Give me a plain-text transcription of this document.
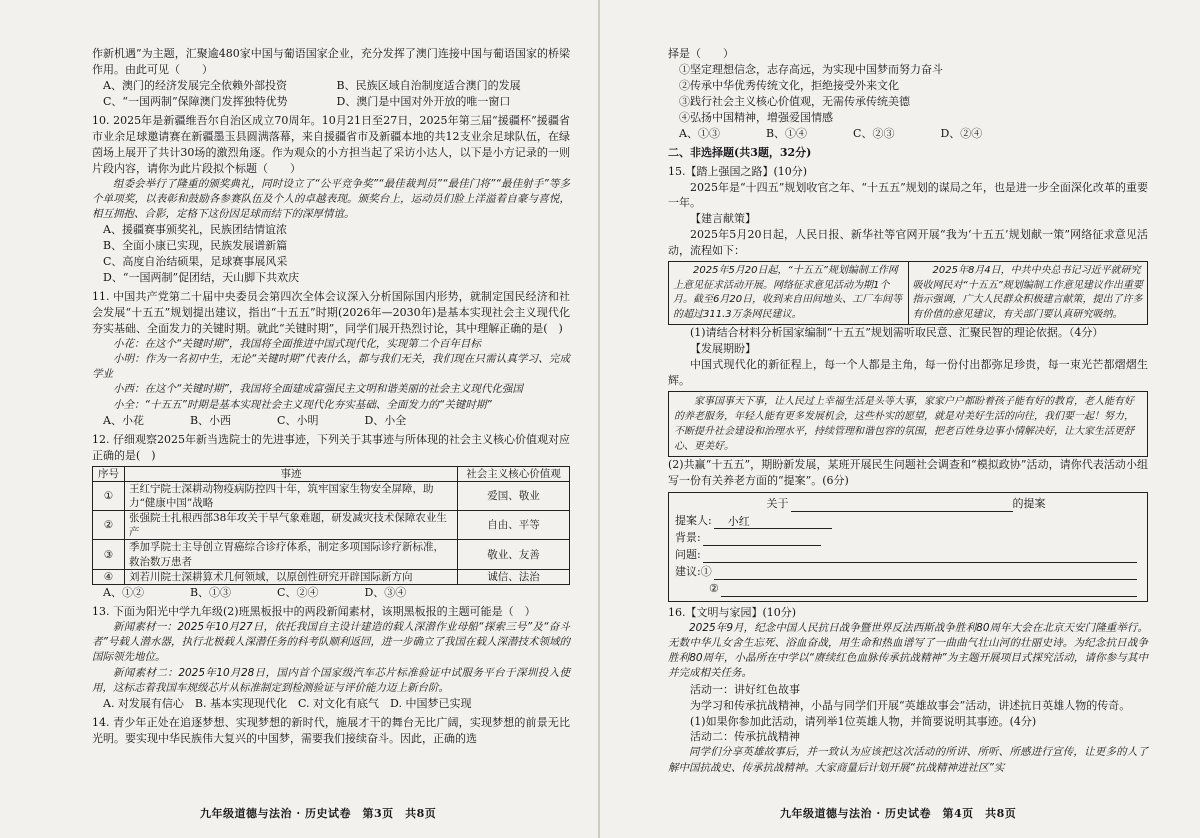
作新机遇”为主题，汇聚逾480家中国与葡语国家企业，充分发挥了澳门连接中国与葡语国家的桥梁作用。由此可见（　　）

A、澳门的经济发展完全依赖外部投资	B、民族区域自治制度适合澳门的发展
C、“一国两制”保障澳门发挥独特优势	D、澳门是中国对外开放的唯一窗口

10. 2025年是新疆维吾尔自治区成立70周年。10月21日至27日，2025年第三届“援疆杯”援疆省市业余足球邀请赛在新疆墨玉县圆满落幕，来自援疆省市及新疆本地的共12支业余足球队伍，在绿茵场上展开了共计30场的激烈角逐。作为观众的小方担当起了采访小达人，以下是小方记录的一则片段内容，请你为此片段拟个标题（　　）

组委会举行了隆重的颁奖典礼，同时设立了“公平竞争奖”“最佳裁判员”“最佳门将”“最佳射手”等多个单项奖，以表彰和鼓励各参赛队伍及个人的卓越表现。颁奖台上，运动员们脸上洋溢着自豪与喜悦，相互拥抱、合影，定格下这份因足球而结下的深厚情谊。

A、援疆赛事颁奖礼，民族团结情谊浓

B、全面小康已实现，民族发展谱新篇

C、高度自治结硕果，足球赛事展风采

D、“一国两制”促团结，天山脚下共欢庆

11. 中国共产党第二十届中央委员会第四次全体会议深入分析国际国内形势，就制定国民经济和社会发展“十五五”规划提出建议，指出“十五五”时期(2026年—2030年)是基本实现社会主义现代化夯实基础、全面发力的关键时期。就此“关键时期”，同学们展开热烈讨论，其中理解正确的是(　)

小花：在这个“关键时期”，我国将全面推进中国式现代化，实现第二个百年目标

小明：作为一名初中生，无论“关键时期”代表什么，都与我们无关，我们现在只需认真学习、完成学业

小西：在这个“关键时期”，我国将全面建成富强民主文明和谐美丽的社会主义现代化强国

小全：“十五五”时期是基本实现社会主义现代化夯实基础、全面发力的“关键时期”

A、小花	B、小西	C、小明	D、小全

12. 仔细观察2025年新当选院士的先进事迹，下列关于其事迹与所体现的社会主义核心价值观对应正确的是(　)

序号	事迹	社会主义核心价值观
①	王红宁院士深耕动物疫病防控四十年，筑牢国家生物安全屏障，助力“健康中国”战略	爱国、敬业
②	张强院士扎根西部38年攻关干旱气象难题，研发减灾技术保障农业生产	自由、平等
③	季加孚院士主导创立胃癌综合诊疗体系，制定多项国际诊疗新标准，救治数万患者	敬业、友善
④	刘若川院士深耕算术几何领域，以原创性研究开辟国际新方向	诚信、法治
A、①②	B、①③	C、②④	D、③④

13. 下面为阳光中学九年级(2)班黑板报中的两段新闻素材，该期黑板报的主题可能是（　）

新闻素材一：2025年10月27日，依托我国自主设计建造的载人深潜作业母船“探索三号”及“奋斗者”号载人潜水器，执行北极载人深潜任务的科考队顺利返回，进一步确立了我国在载人深潜技术领域的国际领先地位。

新闻素材二：2025年10月28日，国内首个国家级汽车芯片标准验证中试服务平台于深圳投入使用，这标志着我国车规级芯片从标准制定到检测验证与评价能力迈上新台阶。

A. 对发展有信心　B. 基本实现现代化　C. 对文化有底气　D. 中国梦已实现

14. 青少年正处在追逐梦想、实现梦想的新时代，施展才干的舞台无比广阔，实现梦想的前景无比光明。要实现中华民族伟大复兴的中国梦，需要我们接续奋斗。因此，正确的选

九年级道德与法治 · 历史试卷　第3页　共8页

择是（　　）

①坚定理想信念，志存高远，为实现中国梦而努力奋斗

②传承中华优秀传统文化，拒绝接受外来文化

③践行社会主义核心价值观，无需传承传统美德

④弘扬中国精神，增强爱国情感

A、①③	B、①④	C、②③	D、②④

二、非选择题(共3题，32分)

15.【踏上强国之路】(10分)

2025年是“十四五”规划收官之年、“十五五”规划的谋局之年，也是进一步全面深化改革的重要一年。

【建言献策】

2025年5月20日起，人民日报、新华社等官网开展“我为‘十五五’规划献一策”网络征求意见活动，流程如下：

2025年5月20日起，“十五五”规划编制工作网上意见征求活动开展。网络征求意见活动为期1个月。截至6月20日，收到来自田间地头、工厂车间等的超过311.3万条网民建议。
2025年8月4日，中共中央总书记习近平就研究吸收网民对“十五五”规划编制工作意见建议作出重要指示强调，广大人民群众积极建言献策，提出了许多有价值的意见建议，有关部门要认真研究吸纳。

(1)请结合材料分析国家编制“十五五”规划需听取民意、汇聚民智的理论依据。（4分）

【发展期盼】

中国式现代化的新征程上，每一个人都是主角，每一份付出都弥足珍贵，每一束光芒都熠熠生辉。

家事国事天下事，让人民过上幸福生活是头等大事，家家户户都盼着孩子能有好的教育，老人能有好的养老服务，年轻人能有更多发展机会，这些朴实的愿望，就是对美好生活的向往，我们要一起！努力，不断提升社会建设和治理水平，持续管理和谐包容的氛围，把老百姓身边事小情解决好，让大家生活更舒心、更美好。

(2)共赢“十五五”，期盼新发展，某班开展民生问题社会调查和“模拟政协”活动，请你代表活动小组写一份有关养老方面的“提案”。(6分)

关于	的提案
提案人:	小红
背景:
问题:
建议:①
②

16.【文明与家园】(10分)

2025年9月，纪念中国人民抗日战争暨世界反法西斯战争胜利80周年大会在北京天安门隆重举行。无数中华儿女舍生忘死、浴血奋战，用生命和热血谱写了一曲曲气壮山河的壮丽史诗。为纪念抗日战争胜利80周年，小晶所在中学以“赓续红色血脉传承抗战精神”为主题开展项目式探究活动，请你参与其中并完成相关任务。

活动一：讲好红色故事

为学习和传承抗战精神，小晶与同学们开展“英雄故事会”活动，讲述抗日英雄人物的传奇。

(1)如果你参加此活动，请列举1位英雄人物，并简要说明其事迹。(4分)

活动二：传承抗战精神

同学们分享英雄故事后，并一致认为应该把这次活动的所讲、所听、所感进行宣传，让更多的人了解中国抗战史、传承抗战精神。大家商量后计划开展“抗战精神进社区”实

九年级道德与法治 · 历史试卷　第4页　共8页
